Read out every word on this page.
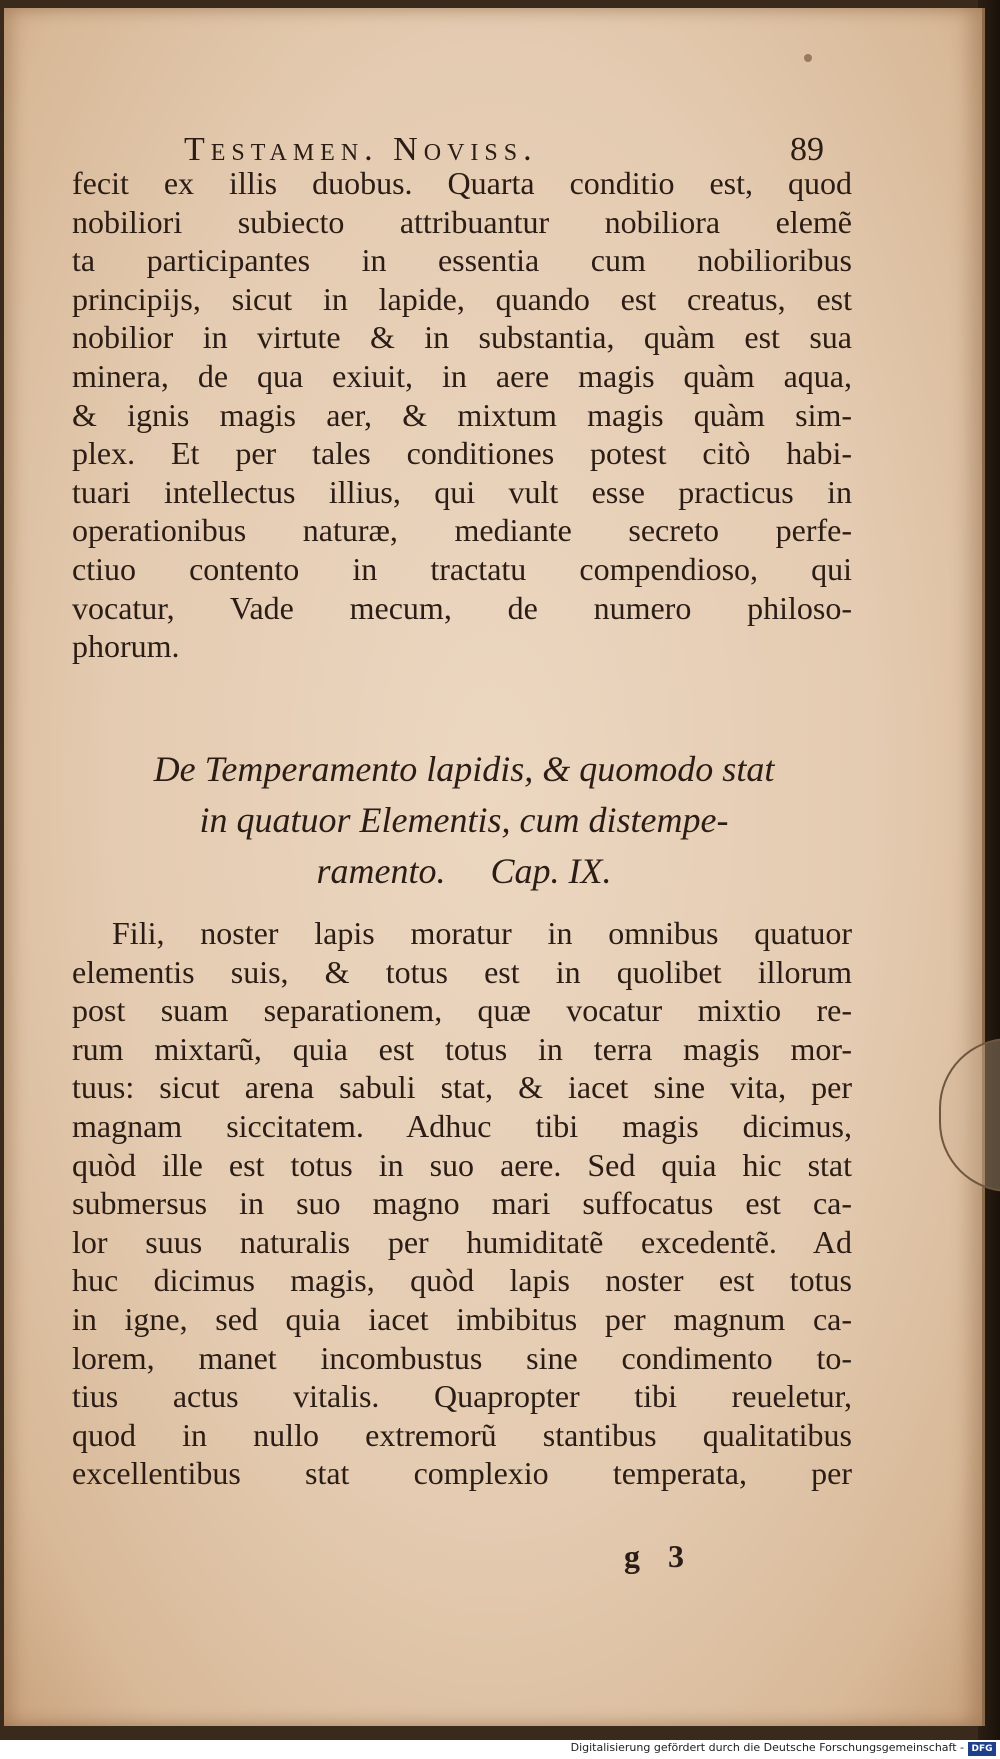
Testamen. Noviss.	89
fecit ex illis duobus. Quarta conditio est, quod
nobiliori subiecto attribuantur nobiliora elemẽ
ta participantes in essentia cum nobilioribus
principijs, sicut in lapide, quando est creatus, est
nobilior in virtute & in substantia, quàm est sua
minera, de qua exiuit, in aere magis quàm aqua,
& ignis magis aer, & mixtum magis quàm sim-
plex. Et per tales conditiones potest citò habi-
tuari intellectus illius, qui vult esse practicus in
operationibus naturæ, mediante secreto perfe-
ctiuo contento in tractatu compendioso, qui
vocatur, Vade mecum, de numero philoso-
phorum.
De Temperamento lapidis, & quomodo stat
in quatuor Elementis, cum distempe-
ramento.     Cap. IX.
Fili, noster lapis moratur in omnibus quatuor
elementis suis, & totus est in quolibet illorum
post suam separationem, quæ vocatur mixtio re-
rum mixtarũ, quia est totus in terra magis mor-
tuus: sicut arena sabuli stat, & iacet sine vita, per
magnam siccitatem. Adhuc tibi magis dicimus,
quòd ille est totus in suo aere. Sed quia hic stat
submersus in suo magno mari suffocatus est ca-
lor suus naturalis per humiditatẽ excedentẽ. Ad
huc dicimus magis, quòd lapis noster est totus
in igne, sed quia iacet imbibitus per magnum ca-
lorem, manet incombustus sine condimento to-
tius actus vitalis. Quapropter tibi reueletur,
quod in nullo extremorũ stantibus qualitatibus
excellentibus stat complexio temperata, per
g 3
Digitalisierung gefördert durch die Deutsche Forschungsgemeinschaft - DFG
